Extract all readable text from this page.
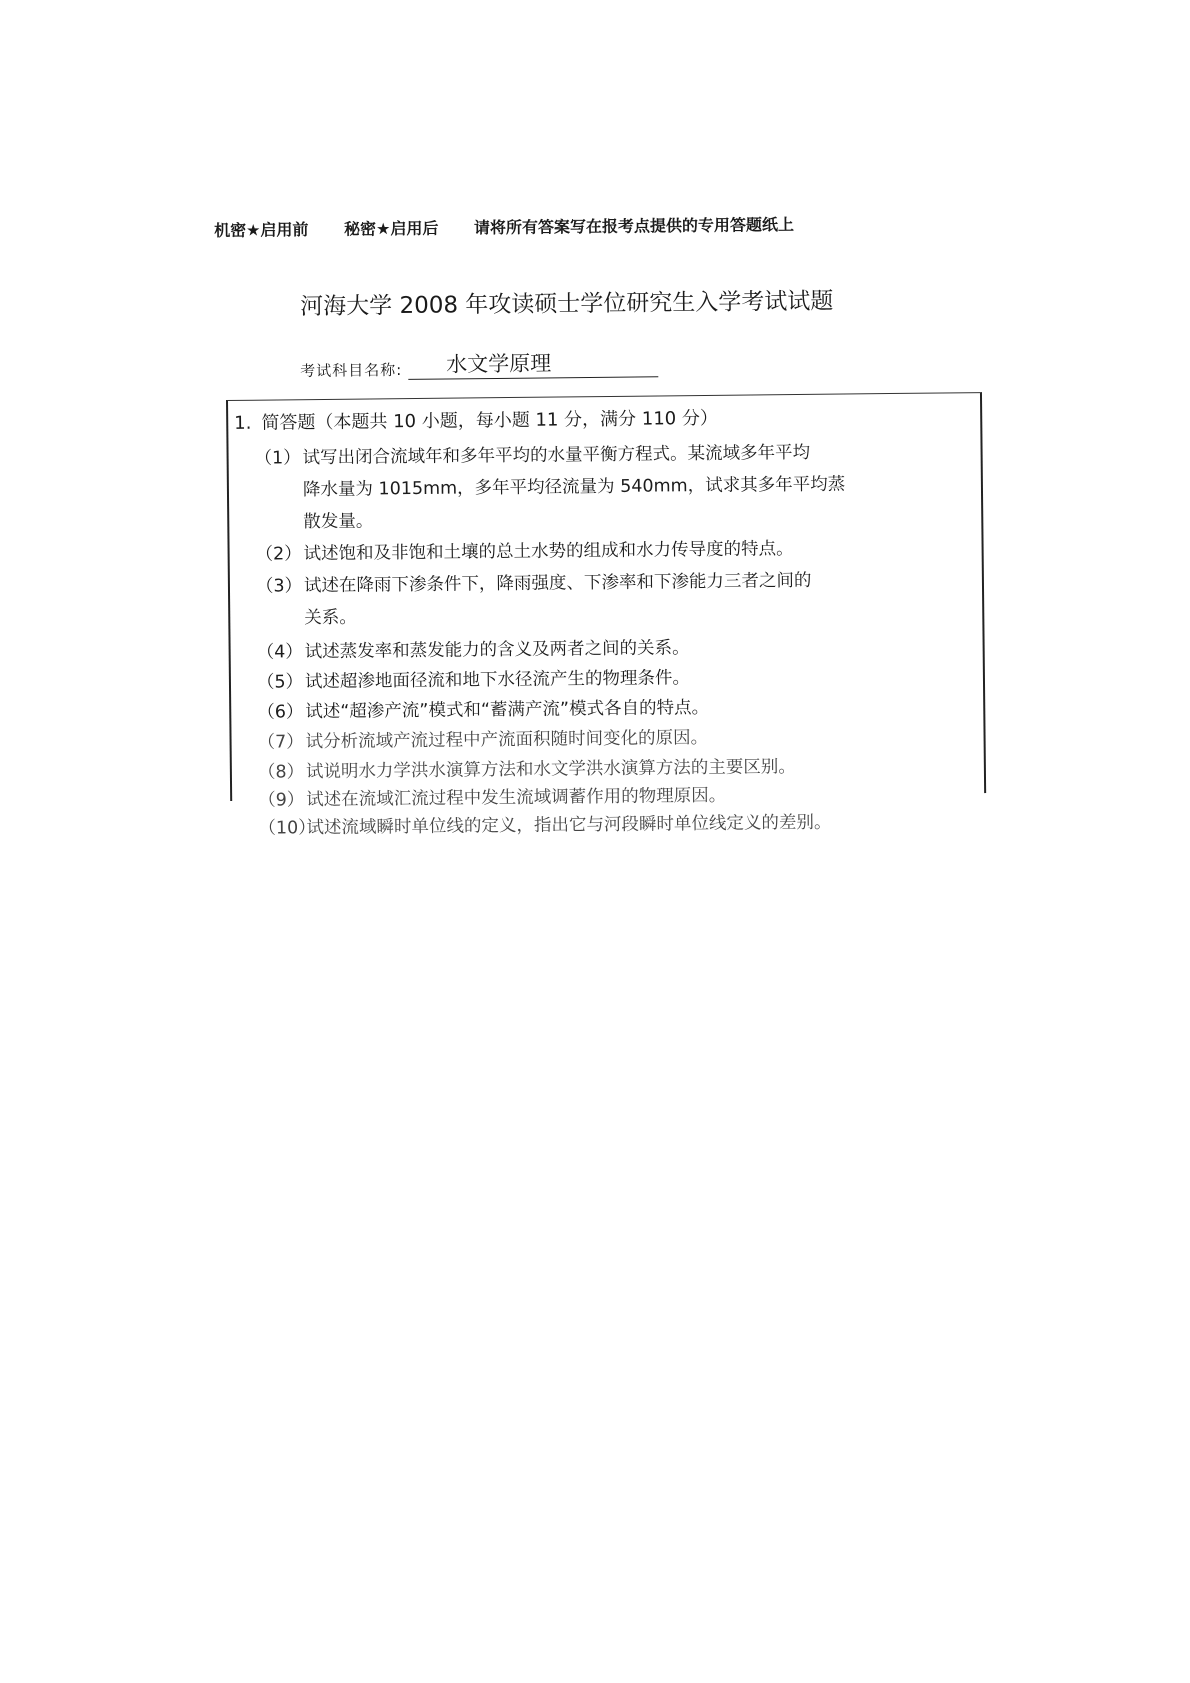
机密★启用前 秘密★启用后 请将所有答案写在报考点提供的专用答题纸上
河海大学 2008 年攻读硕士学位研究生入学考试试题
考试科目名称: 水文学原理
1. 简答题（本题共 10 小题，每小题 11 分，满分 110 分）
（1）试写出闭合流域年和多年平均的水量平衡方程式。某流域多年平均
降水量为 1015mm，多年平均径流量为 540mm，试求其多年平均蒸
散发量。
（2）试述饱和及非饱和土壤的总土水势的组成和水力传导度的特点。
（3）试述在降雨下渗条件下，降雨强度、下渗率和下渗能力三者之间的
关系。
（4）试述蒸发率和蒸发能力的含义及两者之间的关系。
（5）试述超渗地面径流和地下水径流产生的物理条件。
（6）试述“超渗产流”模式和“蓄满产流”模式各自的特点。
（7）试分析流域产流过程中产流面积随时间变化的原因。
（8）试说明水力学洪水演算方法和水文学洪水演算方法的主要区别。
（9）试述在流域汇流过程中发生流域调蓄作用的物理原因。
（10）试述流域瞬时单位线的定义，指出它与河段瞬时单位线定义的差别。
